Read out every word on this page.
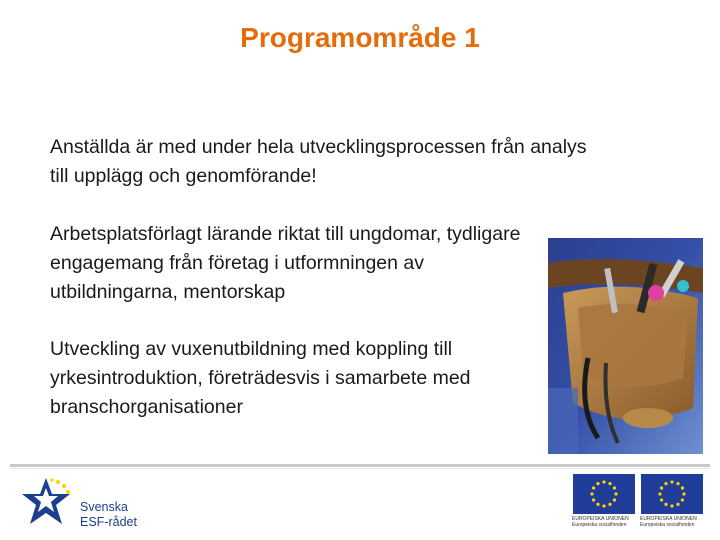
Programområde 1

Anställda är med under hela utvecklingsprocessen från analys till upplägg och genomförande!

Arbetsplatsförlagt lärande riktat till ungdomar, tydligare engagemang från företag i utformningen av utbildningarna, mentorskap

Utveckling av vuxenutbildning med koppling till yrkesintroduktion, företrädesvis i samarbete med branschorganisationer

Svenska
ESF-rådet	EUROPEISKA UNIONEN
Europeiska socialfonden
EUROPEISKA UNIONEN
Europeiska socialfonden
